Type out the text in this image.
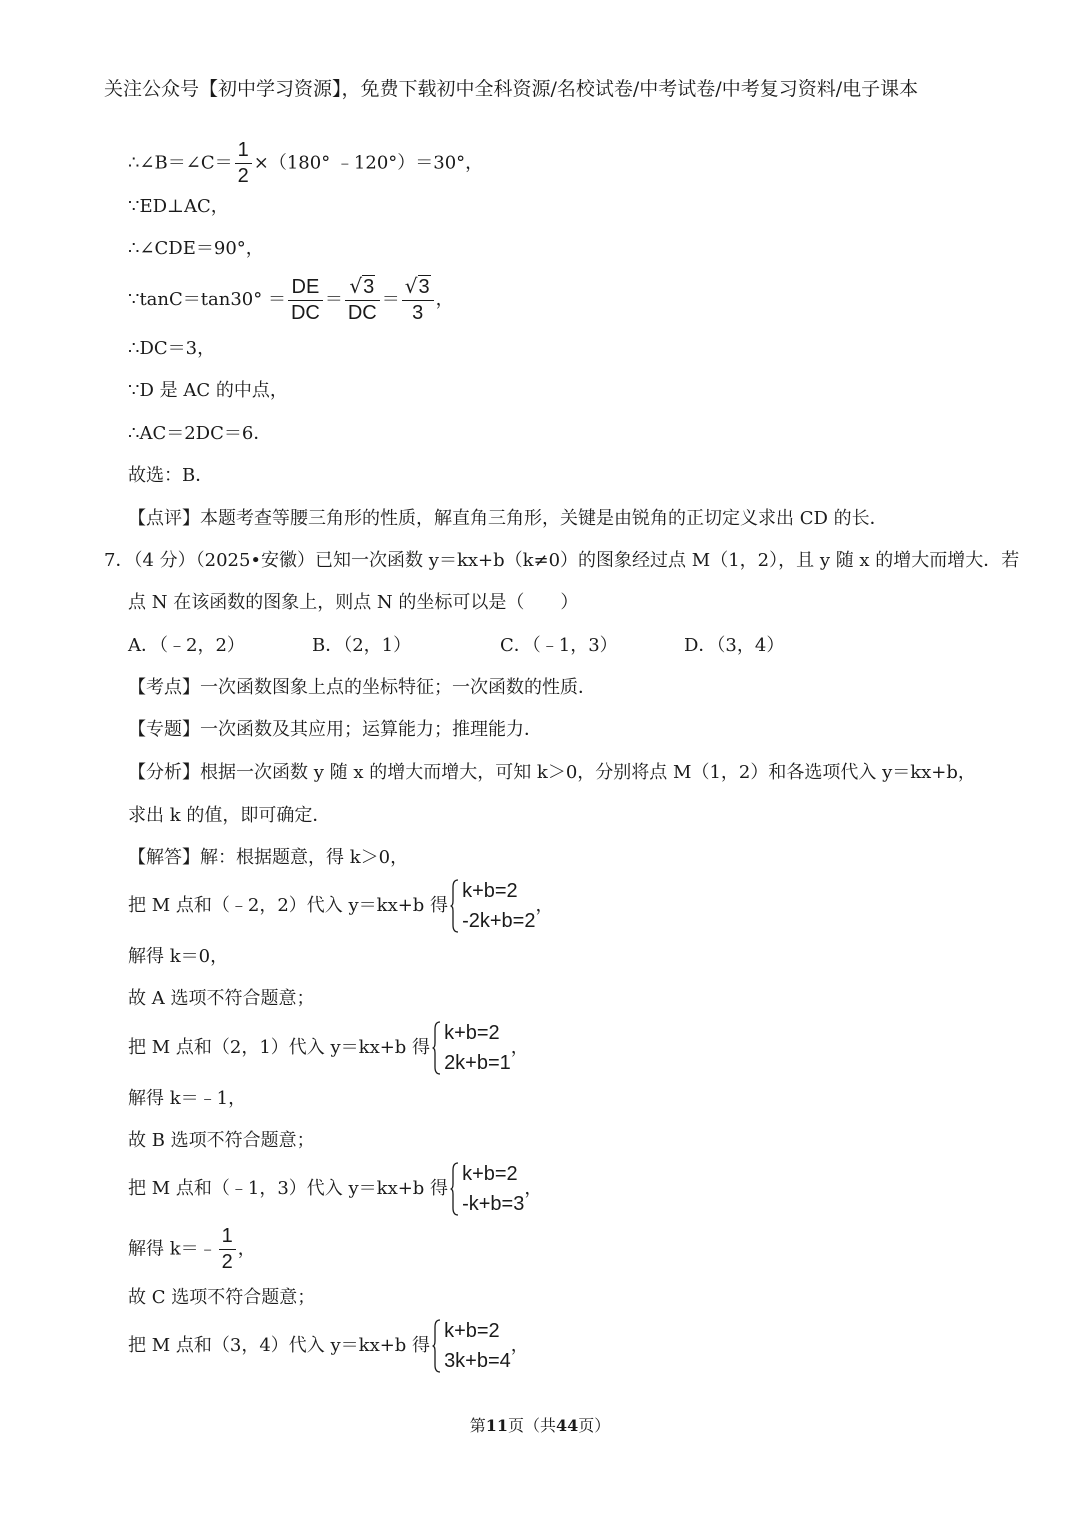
关注公众号【初中学习资源】，免费下载初中全科资源/名校试卷/中考试卷/中考复习资料/电子课本
∴∠B＝∠C＝ $\frac{1}{2} \times(180^\circ$ ﹣120°）＝30°，
∵ED⊥AC，
∴∠CDE＝90°，
∵tanC＝tan30° ＝ $\frac{DE}{DC} = \frac{√3}{DC} = \frac{√3}{3}$ ，
∴DC＝3，
∵D 是 AC 的中点，
∴AC＝2DC＝6．
故选：B．
【点评】本题考查等腰三角形的性质，解直角三角形，关键是由锐角的正切定义求出 CD 的长．
7．（4 分）（2025•安徽）已知一次函数 y＝kx+b（k≠0）的图象经过点 M（1，2），且 y 随 x 的增大而增大．若
点 N 在该函数的图象上，则点 N 的坐标可以是（　　）
A．（﹣2，2）	B．（2，1）	C．（﹣1，3）	D．（3，4）
【考点】一次函数图象上点的坐标特征；一次函数的性质．
【专题】一次函数及其应用；运算能力；推理能力．
【分析】根据一次函数 y 随 x 的增大而增大，可知 k＞0，分别将点 M（1，2）和各选项代入 y＝kx+b，
求出 k 的值，即可确定．
【解答】解：根据题意，得 k＞0，
把 M 点和（﹣2，2）代入 y＝kx+b 得
k+b=2
-2k+b=2
，
解得 k＝0，
故 A 选项不符合题意；
把 M 点和（2，1）代入 y＝kx+b 得
k+b=2
2k+b=1
，
解得 k＝﹣1，
故 B 选项不符合题意；
把 M 点和（﹣1，3）代入 y＝kx+b 得
k+b=2
-k+b=3
，
解得 k＝﹣ $\frac{1}{2}$ ，
故 C 选项不符合题意；
把 M 点和（3，4）代入 y＝kx+b 得
k+b=2
3k+b=4
，
第11页（共44页）
